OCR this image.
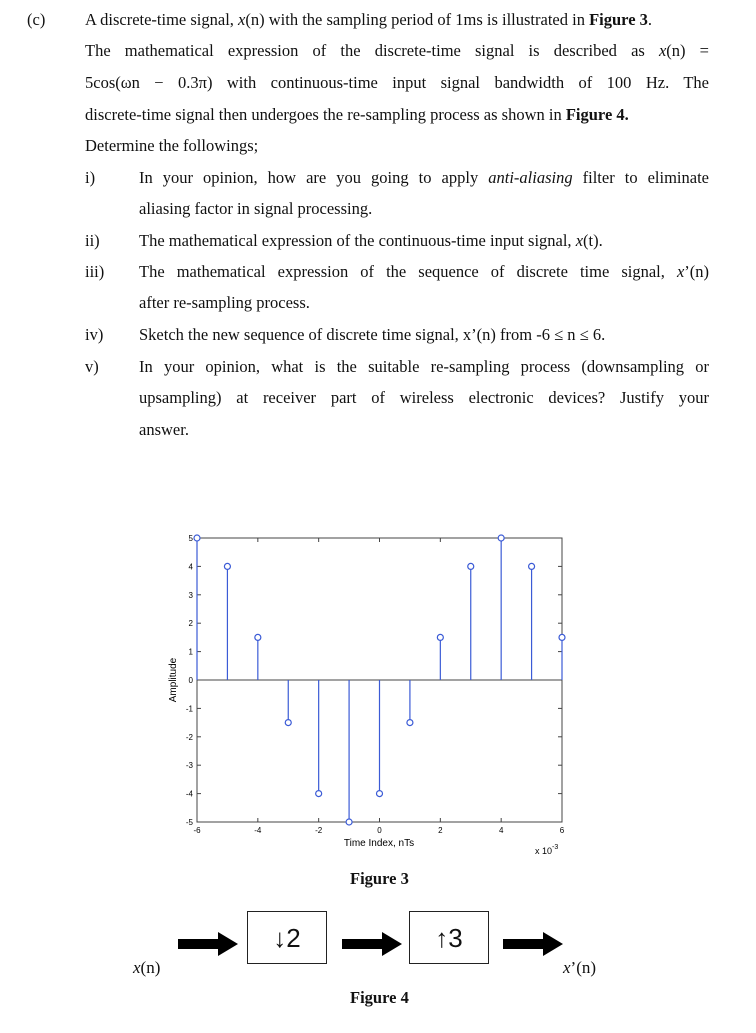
(c) A discrete-time signal, x(n) with the sampling period of 1ms is illustrated in Figure 3.
The mathematical expression of the discrete-time signal is described as x(n) =
5cos(ωn − 0.3π) with continuous-time input signal bandwidth of 100 Hz. The
discrete-time signal then undergoes the re-sampling process as shown in Figure 4.
Determine the followings;
i)	In your opinion, how are you going to apply anti-aliasing filter to eliminate
aliasing factor in signal processing.
ii) The mathematical expression of the continuous-time input signal, x(t).
iii) The mathematical expression of the sequence of discrete time signal, x’(n)
after re-sampling process.
iv) Sketch the new sequence of discrete time signal, x’(n) from -6 ≤ n ≤ 6.
v) In your opinion, what is the suitable re-sampling process (downsampling or
upsampling) at receiver part of wireless electronic devices? Justify your
answer.
5
4
3
2
1
0
-1
-2
-3
-4
-5
-6	-4	-2	0	2	4	6
Amplitude
Time Index, nTs
x $10^{-3}$
Figure 3
↓2	↑3
x(n)	x’(n)
Figure 4
